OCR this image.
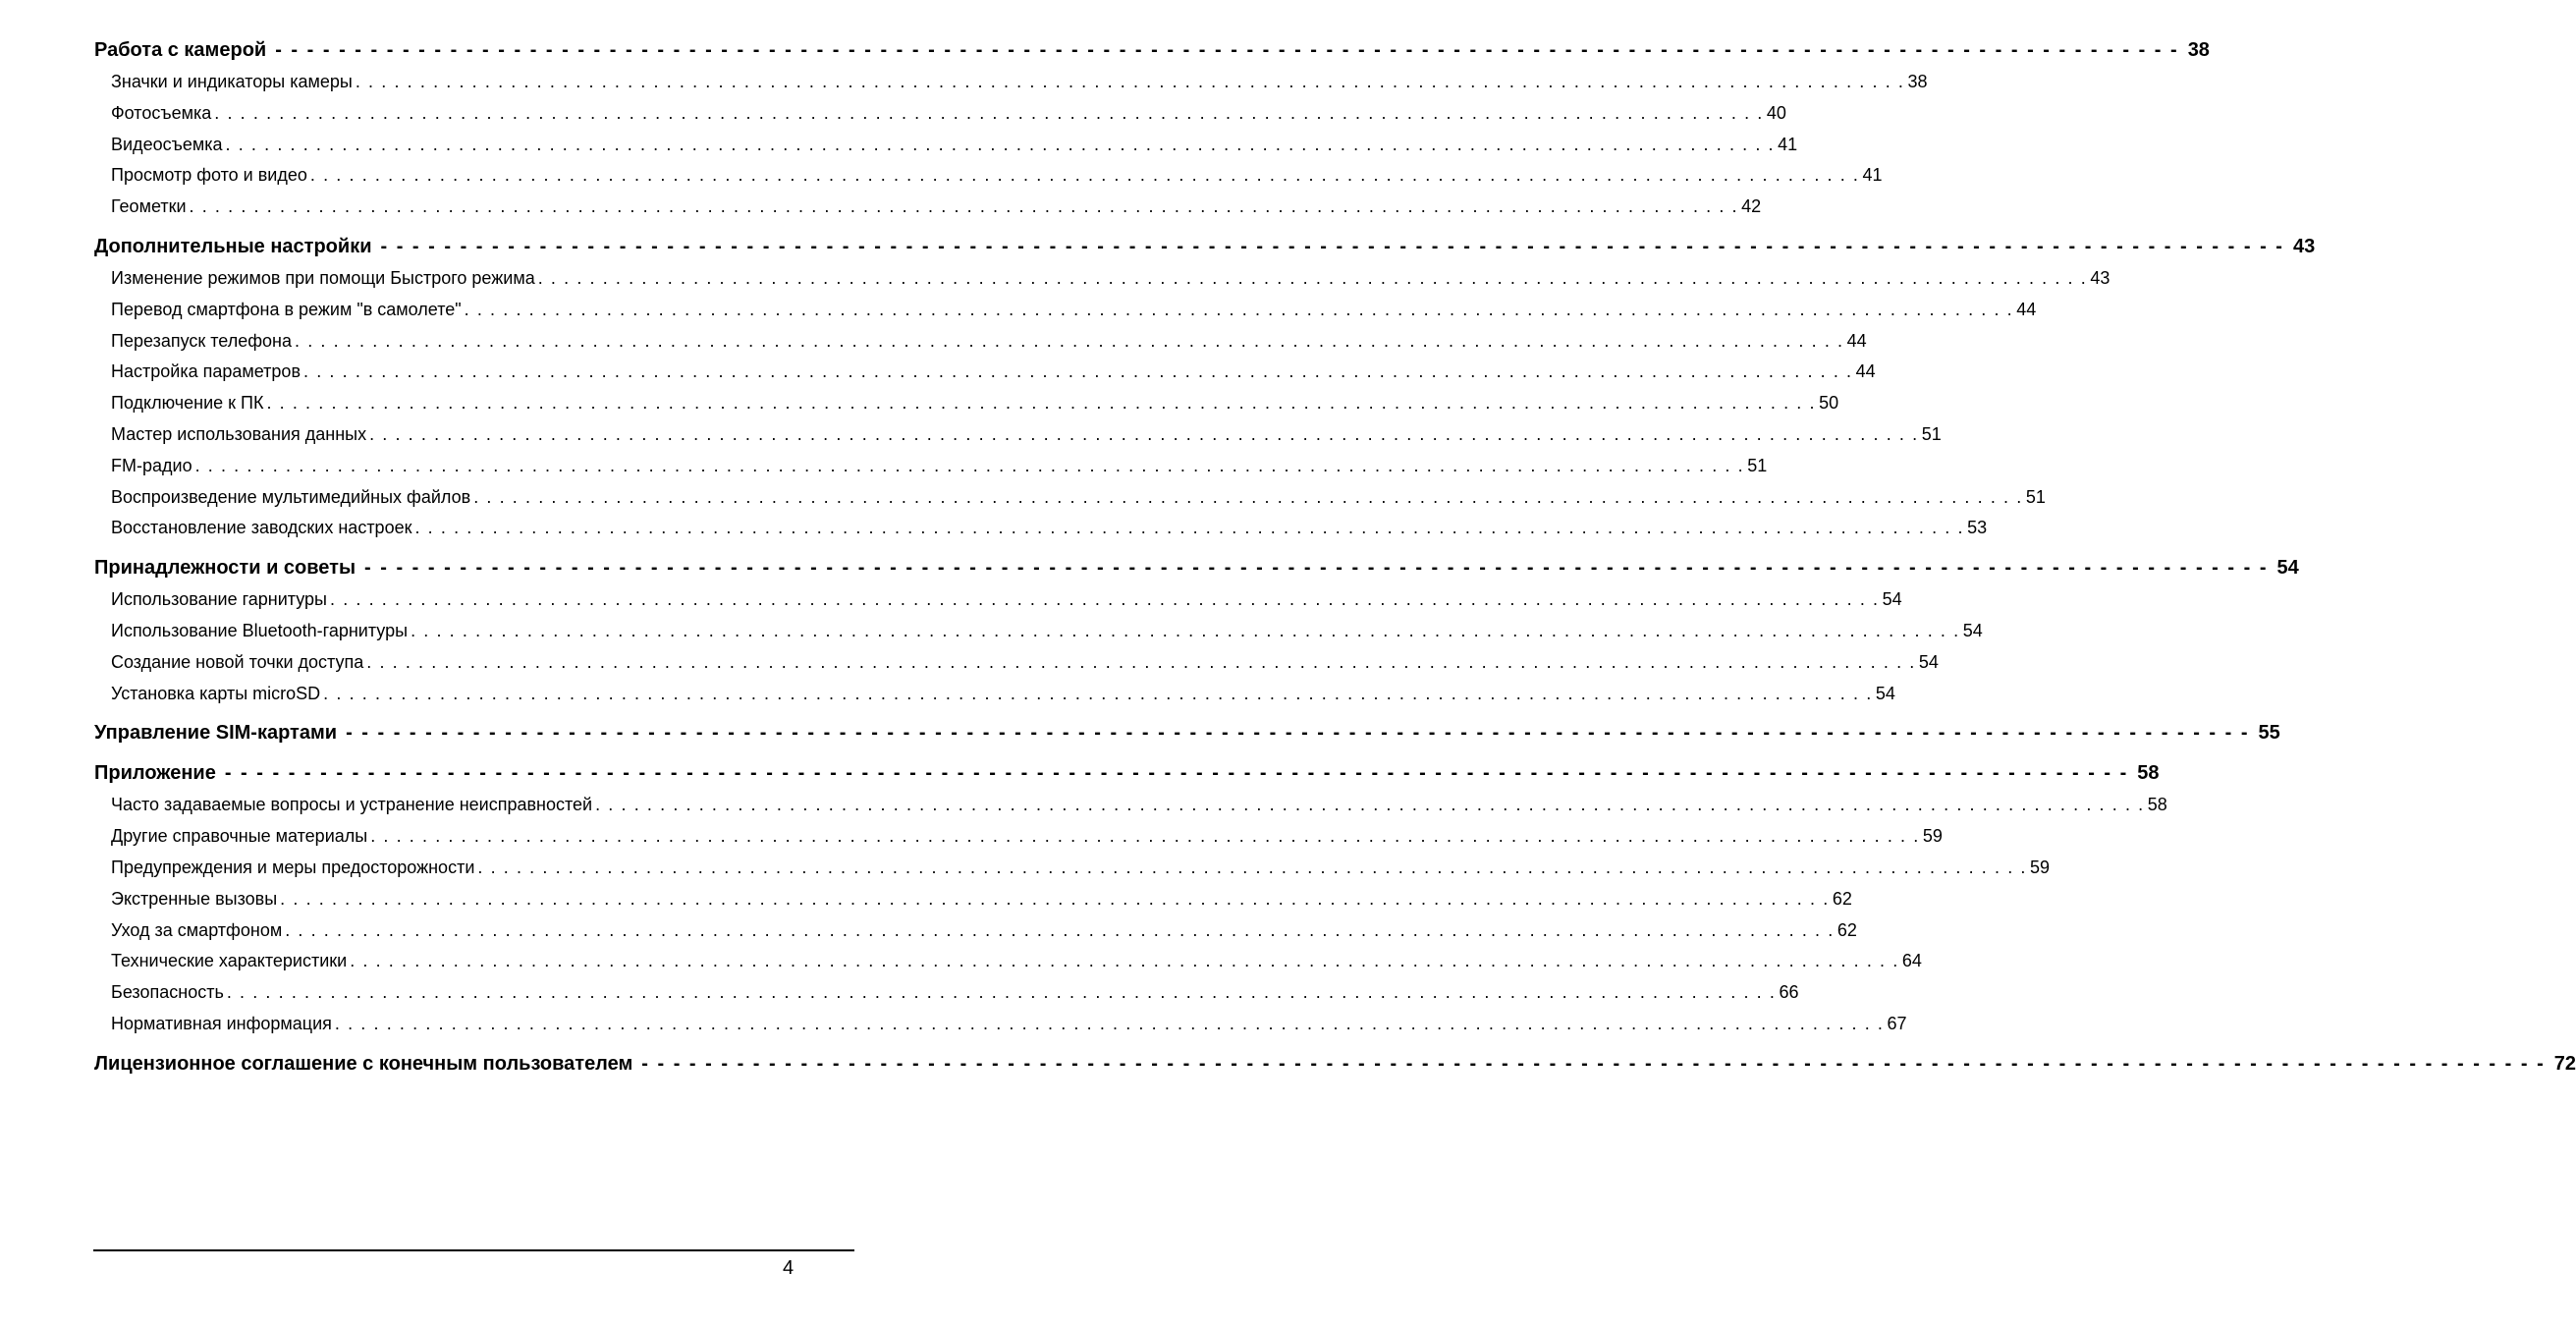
Работа с камерой - - - - - - - - - - - - - - - - - - - - - - - - - - - - - - - - - - - - - - - - - - - - - - - - - - - - - - - - - - - - - - - - - - - - - - - - - - - - - - - - - - - - - - - - - - - - - - - - - - - - - - - - - - - - - - - - - - - - - - - - 38
Значки и индикаторы камеры . . . . . . . . . . . . . . . . . . . . . . . . . . . . . . . . . . . . . . . . . . . . . . . . . . . . . . . . . . . . . . . . . . . . . . . . . . . . . . . . . . . . . . . . . . . . . . . . . . . . . . . . . . . . . . . . . . . . . . . . 38
Фотосъемка . . . . . . . . . . . . . . . . . . . . . . . . . . . . . . . . . . . . . . . . . . . . . . . . . . . . . . . . . . . . . . . . . . . . . . . . . . . . . . . . . . . . . . . . . . . . . . . . . . . . . . . . . . . . . . . . . . . . . . . . 40
Видеосъемка . . . . . . . . . . . . . . . . . . . . . . . . . . . . . . . . . . . . . . . . . . . . . . . . . . . . . . . . . . . . . . . . . . . . . . . . . . . . . . . . . . . . . . . . . . . . . . . . . . . . . . . . . . . . . . . . . . . . . . . . 41
Просмотр фото и видео . . . . . . . . . . . . . . . . . . . . . . . . . . . . . . . . . . . . . . . . . . . . . . . . . . . . . . . . . . . . . . . . . . . . . . . . . . . . . . . . . . . . . . . . . . . . . . . . . . . . . . . . . . . . . . . . . . . . . . . . 41
Геометки . . . . . . . . . . . . . . . . . . . . . . . . . . . . . . . . . . . . . . . . . . . . . . . . . . . . . . . . . . . . . . . . . . . . . . . . . . . . . . . . . . . . . . . . . . . . . . . . . . . . . . . . . . . . . . . . . . . . . . . . 42
Дополнительные настройки - - - - - - - - - - - - - - - - - - - - - - - - - - - - - - - - - - - - - - - - - - - - - - - - - - - - - - - - - - - - - - - - - - - - - - - - - - - - - - - - - - - - - - - - - - - - - - - - - - - - - - - - - - - - - - - - - - - - - - - - 43
Изменение режимов при помощи Быстрого режима . . . . . . . . . . . . . . . . . . . . . . . . . . . . . . . . . . . . . . . . . . . . . . . . . . . . . . . . . . . . . . . . . . . . . . . . . . . . . . . . . . . . . . . . . . . . . . . . . . . . . . . . . . . . . . . . . . . . . . . . 43
Перевод смартфона в режим "в самолете" . . . . . . . . . . . . . . . . . . . . . . . . . . . . . . . . . . . . . . . . . . . . . . . . . . . . . . . . . . . . . . . . . . . . . . . . . . . . . . . . . . . . . . . . . . . . . . . . . . . . . . . . . . . . . . . . . . . . . . . . 44
Перезапуск телефона . . . . . . . . . . . . . . . . . . . . . . . . . . . . . . . . . . . . . . . . . . . . . . . . . . . . . . . . . . . . . . . . . . . . . . . . . . . . . . . . . . . . . . . . . . . . . . . . . . . . . . . . . . . . . . . . . . . . . . . . 44
Настройка параметров . . . . . . . . . . . . . . . . . . . . . . . . . . . . . . . . . . . . . . . . . . . . . . . . . . . . . . . . . . . . . . . . . . . . . . . . . . . . . . . . . . . . . . . . . . . . . . . . . . . . . . . . . . . . . . . . . . . . . . . . 44
Подключение к ПК . . . . . . . . . . . . . . . . . . . . . . . . . . . . . . . . . . . . . . . . . . . . . . . . . . . . . . . . . . . . . . . . . . . . . . . . . . . . . . . . . . . . . . . . . . . . . . . . . . . . . . . . . . . . . . . . . . . . . . . . 50
Мастер использования данных . . . . . . . . . . . . . . . . . . . . . . . . . . . . . . . . . . . . . . . . . . . . . . . . . . . . . . . . . . . . . . . . . . . . . . . . . . . . . . . . . . . . . . . . . . . . . . . . . . . . . . . . . . . . . . . . . . . . . . . . 51
FM-радио . . . . . . . . . . . . . . . . . . . . . . . . . . . . . . . . . . . . . . . . . . . . . . . . . . . . . . . . . . . . . . . . . . . . . . . . . . . . . . . . . . . . . . . . . . . . . . . . . . . . . . . . . . . . . . . . . . . . . . . . 51
Воспроизведение мультимедийных файлов . . . . . . . . . . . . . . . . . . . . . . . . . . . . . . . . . . . . . . . . . . . . . . . . . . . . . . . . . . . . . . . . . . . . . . . . . . . . . . . . . . . . . . . . . . . . . . . . . . . . . . . . . . . . . . . . . . . . . . . . 51
Восстановление заводских настроек . . . . . . . . . . . . . . . . . . . . . . . . . . . . . . . . . . . . . . . . . . . . . . . . . . . . . . . . . . . . . . . . . . . . . . . . . . . . . . . . . . . . . . . . . . . . . . . . . . . . . . . . . . . . . . . . . . . . . . . . 53
Принадлежности и советы - - - - - - - - - - - - - - - - - - - - - - - - - - - - - - - - - - - - - - - - - - - - - - - - - - - - - - - - - - - - - - - - - - - - - - - - - - - - - - - - - - - - - - - - - - - - - - - - - - - - - - - - - - - - - - - - - - - - - - - - 54
Использование гарнитуры . . . . . . . . . . . . . . . . . . . . . . . . . . . . . . . . . . . . . . . . . . . . . . . . . . . . . . . . . . . . . . . . . . . . . . . . . . . . . . . . . . . . . . . . . . . . . . . . . . . . . . . . . . . . . . . . . . . . . . . . 54
Использование Bluetooth-гарнитуры . . . . . . . . . . . . . . . . . . . . . . . . . . . . . . . . . . . . . . . . . . . . . . . . . . . . . . . . . . . . . . . . . . . . . . . . . . . . . . . . . . . . . . . . . . . . . . . . . . . . . . . . . . . . . . . . . . . . . . . . 54
Создание новой точки доступа . . . . . . . . . . . . . . . . . . . . . . . . . . . . . . . . . . . . . . . . . . . . . . . . . . . . . . . . . . . . . . . . . . . . . . . . . . . . . . . . . . . . . . . . . . . . . . . . . . . . . . . . . . . . . . . . . . . . . . . . 54
Установка карты microSD . . . . . . . . . . . . . . . . . . . . . . . . . . . . . . . . . . . . . . . . . . . . . . . . . . . . . . . . . . . . . . . . . . . . . . . . . . . . . . . . . . . . . . . . . . . . . . . . . . . . . . . . . . . . . . . . . . . . . . . . 54
Управление SIM-картами - - - - - - - - - - - - - - - - - - - - - - - - - - - - - - - - - - - - - - - - - - - - - - - - - - - - - - - - - - - - - - - - - - - - - - - - - - - - - - - - - - - - - - - - - - - - - - - - - - - - - - - - - - - - - - - - - - - - - - - - 55
Приложение - - - - - - - - - - - - - - - - - - - - - - - - - - - - - - - - - - - - - - - - - - - - - - - - - - - - - - - - - - - - - - - - - - - - - - - - - - - - - - - - - - - - - - - - - - - - - - - - - - - - - - - - - - - - - - - - - - - - - - - - 58
Часто задаваемые вопросы и устранение неисправностей . . . . . . . . . . . . . . . . . . . . . . . . . . . . . . . . . . . . . . . . . . . . . . . . . . . . . . . . . . . . . . . . . . . . . . . . . . . . . . . . . . . . . . . . . . . . . . . . . . . . . . . . . . . . . . . . . . . . . . . . 58
Другие справочные материалы . . . . . . . . . . . . . . . . . . . . . . . . . . . . . . . . . . . . . . . . . . . . . . . . . . . . . . . . . . . . . . . . . . . . . . . . . . . . . . . . . . . . . . . . . . . . . . . . . . . . . . . . . . . . . . . . . . . . . . . . 59
Предупреждения и меры предосторожности . . . . . . . . . . . . . . . . . . . . . . . . . . . . . . . . . . . . . . . . . . . . . . . . . . . . . . . . . . . . . . . . . . . . . . . . . . . . . . . . . . . . . . . . . . . . . . . . . . . . . . . . . . . . . . . . . . . . . . . . 59
Экстренные вызовы . . . . . . . . . . . . . . . . . . . . . . . . . . . . . . . . . . . . . . . . . . . . . . . . . . . . . . . . . . . . . . . . . . . . . . . . . . . . . . . . . . . . . . . . . . . . . . . . . . . . . . . . . . . . . . . . . . . . . . . . 62
Уход за смартфоном . . . . . . . . . . . . . . . . . . . . . . . . . . . . . . . . . . . . . . . . . . . . . . . . . . . . . . . . . . . . . . . . . . . . . . . . . . . . . . . . . . . . . . . . . . . . . . . . . . . . . . . . . . . . . . . . . . . . . . . . 62
Технические характеристики . . . . . . . . . . . . . . . . . . . . . . . . . . . . . . . . . . . . . . . . . . . . . . . . . . . . . . . . . . . . . . . . . . . . . . . . . . . . . . . . . . . . . . . . . . . . . . . . . . . . . . . . . . . . . . . . . . . . . . . . 64
Безопасность . . . . . . . . . . . . . . . . . . . . . . . . . . . . . . . . . . . . . . . . . . . . . . . . . . . . . . . . . . . . . . . . . . . . . . . . . . . . . . . . . . . . . . . . . . . . . . . . . . . . . . . . . . . . . . . . . . . . . . . . 66
Нормативная информация . . . . . . . . . . . . . . . . . . . . . . . . . . . . . . . . . . . . . . . . . . . . . . . . . . . . . . . . . . . . . . . . . . . . . . . . . . . . . . . . . . . . . . . . . . . . . . . . . . . . . . . . . . . . . . . . . . . . . . . . 67
Лицензионное соглашение с конечным пользователем - - - - - - - - - - - - - - - - - - - - - - - - - - - - - - - - - - - - - - - - - - - - - - - - - - - - - - - - - - - - - - - - - - - - - - - - - - - - - - - - - - - - - - - - - - - - - - - - - - - - - - - - - - - - - - - - - - - - - - - - 72
4
